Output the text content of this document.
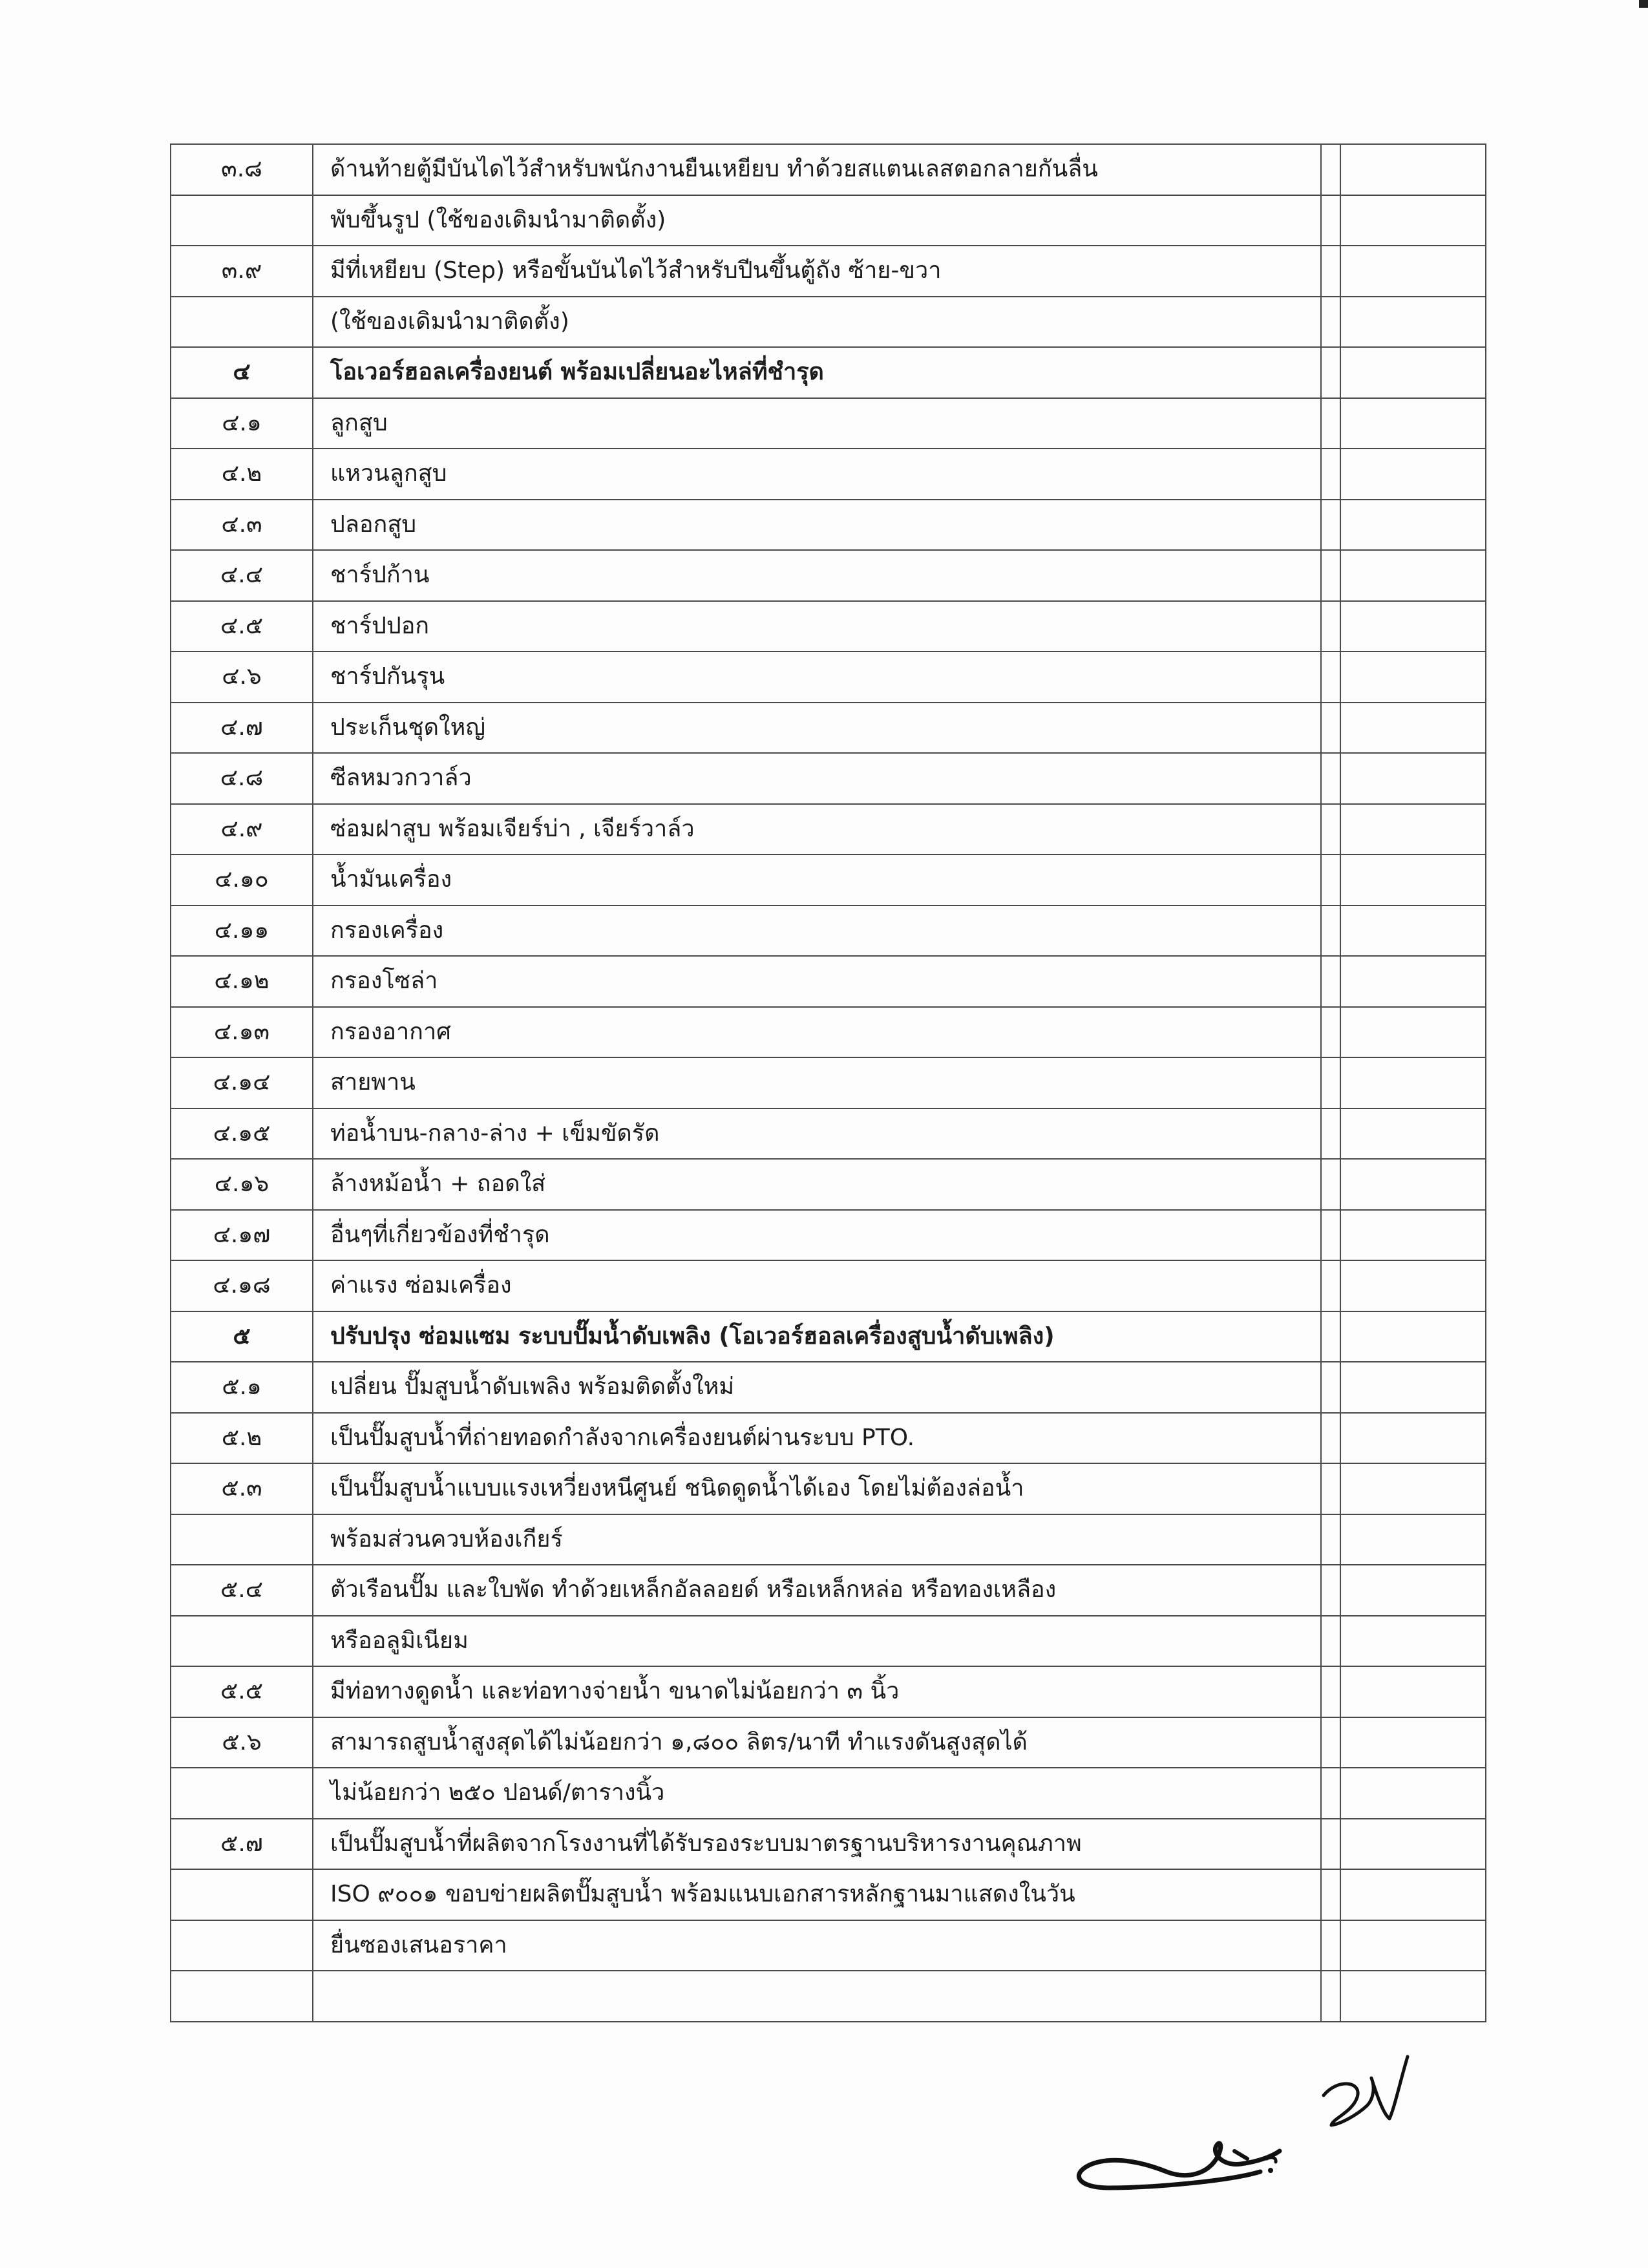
๓.๘	ด้านท้ายตู้มีบันไดไว้สำหรับพนักงานยืนเหยียบ ทำด้วยสแตนเลสตอกลายกันลื่น		
	พับขึ้นรูป (ใช้ของเดิมนำมาติดตั้ง)		
๓.๙	มีที่เหยียบ (Step) หรือขั้นบันไดไว้สำหรับปีนขึ้นตู้ถัง ซ้าย-ขวา		
	(ใช้ของเดิมนำมาติดตั้ง)		
๔	โอเวอร์ฮอลเครื่องยนต์ พร้อมเปลี่ยนอะไหล่ที่ชำรุด		
๔.๑	ลูกสูบ		
๔.๒	แหวนลูกสูบ		
๔.๓	ปลอกสูบ		
๔.๔	ชาร์ปก้าน		
๔.๕	ชาร์ปปอก		
๔.๖	ชาร์ปกันรุน		
๔.๗	ประเก็นชุดใหญ่		
๔.๘	ซีลหมวกวาล์ว		
๔.๙	ซ่อมฝาสูบ พร้อมเจียร์บ่า , เจียร์วาล์ว		
๔.๑๐	น้ำมันเครื่อง		
๔.๑๑	กรองเครื่อง		
๔.๑๒	กรองโซล่า		
๔.๑๓	กรองอากาศ		
๔.๑๔	สายพาน		
๔.๑๕	ท่อน้ำบน-กลาง-ล่าง + เข็มขัดรัด		
๔.๑๖	ล้างหม้อน้ำ + ถอดใส่		
๔.๑๗	อื่นๆที่เกี่ยวข้องที่ชำรุด		
๔.๑๘	ค่าแรง ซ่อมเครื่อง		
๕	ปรับปรุง ซ่อมแซม ระบบปั๊มน้ำดับเพลิง (โอเวอร์ฮอลเครื่องสูบน้ำดับเพลิง)		
๕.๑	เปลี่ยน ปั๊มสูบน้ำดับเพลิง พร้อมติดตั้งใหม่		
๕.๒	เป็นปั๊มสูบน้ำที่ถ่ายทอดกำลังจากเครื่องยนต์ผ่านระบบ PTO.		
๕.๓	เป็นปั๊มสูบน้ำแบบแรงเหวี่ยงหนีศูนย์ ชนิดดูดน้ำได้เอง โดยไม่ต้องล่อน้ำ		
	พร้อมส่วนควบห้องเกียร์		
๕.๔	ตัวเรือนปั๊ม และใบพัด ทำด้วยเหล็กอัลลอยด์ หรือเหล็กหล่อ หรือทองเหลือง		
	หรืออลูมิเนียม		
๕.๕	มีท่อทางดูดน้ำ และท่อทางจ่ายน้ำ ขนาดไม่น้อยกว่า ๓ นิ้ว		
๕.๖	สามารถสูบน้ำสูงสุดได้ไม่น้อยกว่า ๑,๘๐๐ ลิตร/นาที ทำแรงดันสูงสุดได้		
	ไม่น้อยกว่า ๒๕๐ ปอนด์/ตารางนิ้ว		
๕.๗	เป็นปั๊มสูบน้ำที่ผลิตจากโรงงานที่ได้รับรองระบบมาตรฐานบริหารงานคุณภาพ		
	ISO ๙๐๐๑ ขอบข่ายผลิตปั๊มสูบน้ำ พร้อมแนบเอกสารหลักฐานมาแสดงในวัน		
	ยื่นซองเสนอราคา		
